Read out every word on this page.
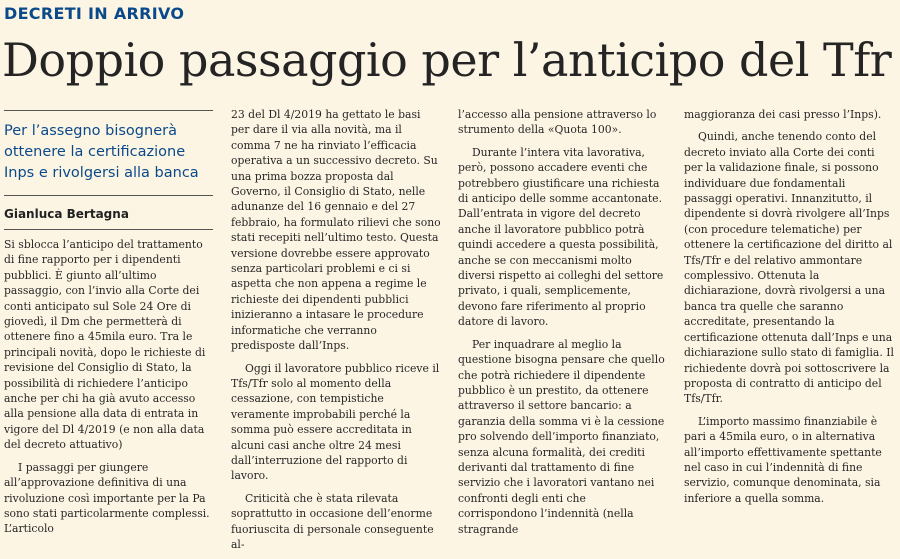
DECRETI IN ARRIVO
Doppio passaggio per l’anticipo del Tfr
Per l’assegno bisognerà ottenere la certificazione Inps e rivolgersi alla banca
Gianluca Bertagna

Si sblocca l’anticipo del trattamento di fine rapporto per i dipendenti pubblici. È giunto all’ultimo passaggio, con l’invio alla Corte dei conti anticipato sul Sole 24 Ore di giovedì, il Dm che permetterà di ottenere fino a 45mila euro. Tra le principali novità, dopo le richieste di revisione del Consiglio di Stato, la possibilità di richiedere l’anticipo anche per chi ha già avuto accesso alla pensione alla data di entrata in vigore del Dl 4/2019 (e non alla data del decreto attuativo)

I passaggi per giungere all’approvazione definitiva di una rivoluzione così importante per la Pa sono stati particolarmente complessi. L’articolo

23 del Dl 4/2019 ha gettato le basi per dare il via alla novità, ma il comma 7 ne ha rinviato l’efficacia operativa a un successivo decreto. Su una prima bozza proposta dal Governo, il Consiglio di Stato, nelle adunanze del 16 gennaio e del 27 febbraio, ha formulato rilievi che sono stati recepiti nell’ultimo testo. Questa versione dovrebbe essere approvato senza particolari problemi e ci si aspetta che non appena a regime le richieste dei dipendenti pubblici inizieranno a intasare le procedure informatiche che verranno predisposte dall’Inps.

Oggi il lavoratore pubblico riceve il Tfs/Tfr solo al momento della cessazione, con tempistiche veramente improbabili perché la somma può essere accreditata in alcuni casi anche oltre 24 mesi dall’interruzione del rapporto di lavoro.

Criticità che è stata rilevata soprattutto in occasione dell’enorme fuoriuscita di personale conseguente al-

l’accesso alla pensione attraverso lo strumento della «Quota 100».

Durante l’intera vita lavorativa, però, possono accadere eventi che potrebbero giustificare una richiesta di anticipo delle somme accantonate. Dall’entrata in vigore del decreto anche il lavoratore pubblico potrà quindi accedere a questa possibilità, anche se con meccanismi molto diversi rispetto ai colleghi del settore privato, i quali, semplicemente, devono fare riferimento al proprio datore di lavoro.

Per inquadrare al meglio la questione bisogna pensare che quello che potrà richiedere il dipendente pubblico è un prestito, da ottenere attraverso il settore bancario: a garanzia della somma vi è la cessione pro solvendo dell’importo finanziato, senza alcuna formalità, dei crediti derivanti dal trattamento di fine servizio che i lavoratori vantano nei confronti degli enti che corrispondono l’indennità (nella stragrande

maggioranza dei casi presso l’Inps).

Quindi, anche tenendo conto del decreto inviato alla Corte dei conti per la validazione finale, si possono individuare due fondamentali passaggi operativi. Innanzitutto, il dipendente si dovrà rivolgere all’Inps (con procedure telematiche) per ottenere la certificazione del diritto al Tfs/Tfr e del relativo ammontare complessivo. Ottenuta la dichiarazione, dovrà rivolgersi a una banca tra quelle che saranno accreditate, presentando la certificazione ottenuta dall’Inps e una dichiarazione sullo stato di famiglia. Il richiedente dovrà poi sottoscrivere la proposta di contratto di anticipo del Tfs/Tfr.

L’importo massimo finanziabile è pari a 45mila euro, o in alternativa all’importo effettivamente spettante nel caso in cui l’indennità di fine servizio, comunque denominata, sia inferiore a quella somma.
